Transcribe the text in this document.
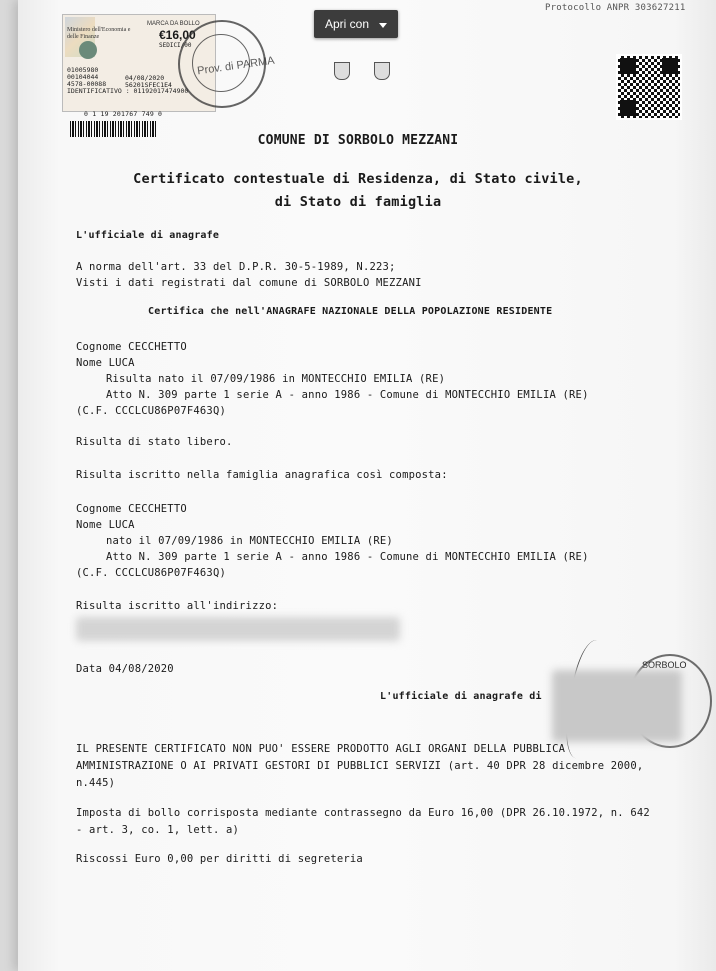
Protocollo ANPR 303627211
MARCA DA BOLLO
€16,00
SEDICI/00
Ministero dell'Economia e delle Finanze
01005980
00104044
4578-00088
IDENTIFICATIVO : 01192017474900
04/08/2020
56201SFEC1E4
Prov. di PARMA
0 1 19 201767 749 0
Apri con
COMUNE DI SORBOLO MEZZANI
Certificato contestuale di Residenza, di Stato civile,
di Stato di famiglia
L'ufficiale di anagrafe
A norma dell'art. 33 del D.P.R. 30-5-1989, N.223;
Visti i dati registrati dal comune di SORBOLO MEZZANI
Certifica che nell'ANAGRAFE NAZIONALE DELLA POPOLAZIONE RESIDENTE
Cognome CECCHETTO
Nome LUCA
Risulta nato il 07/09/1986 in MONTECCHIO EMILIA (RE)
Atto N. 309 parte 1 serie A - anno 1986 - Comune di MONTECCHIO EMILIA (RE)
(C.F. CCCLCU86P07F463Q)
Risulta di stato libero.
Risulta iscritto nella famiglia anagrafica così composta:
Cognome CECCHETTO
Nome LUCA
nato il 07/09/1986 in MONTECCHIO EMILIA (RE)
Atto N. 309 parte 1 serie A - anno 1986 - Comune di MONTECCHIO EMILIA (RE)
(C.F. CCCLCU86P07F463Q)
Risulta iscritto all'indirizzo:
Data 04/08/2020
L'ufficiale di anagrafe di
SORBOLO
IL PRESENTE CERTIFICATO NON PUO' ESSERE PRODOTTO AGLI ORGANI DELLA PUBBLICA
AMMINISTRAZIONE O AI PRIVATI GESTORI DI PUBBLICI SERVIZI (art. 40 DPR 28 dicembre 2000,
n.445)
Imposta di bollo corrisposta mediante contrassegno da Euro 16,00 (DPR 26.10.1972, n. 642
- art. 3, co. 1, lett. a)
Riscossi Euro 0,00 per diritti di segreteria
